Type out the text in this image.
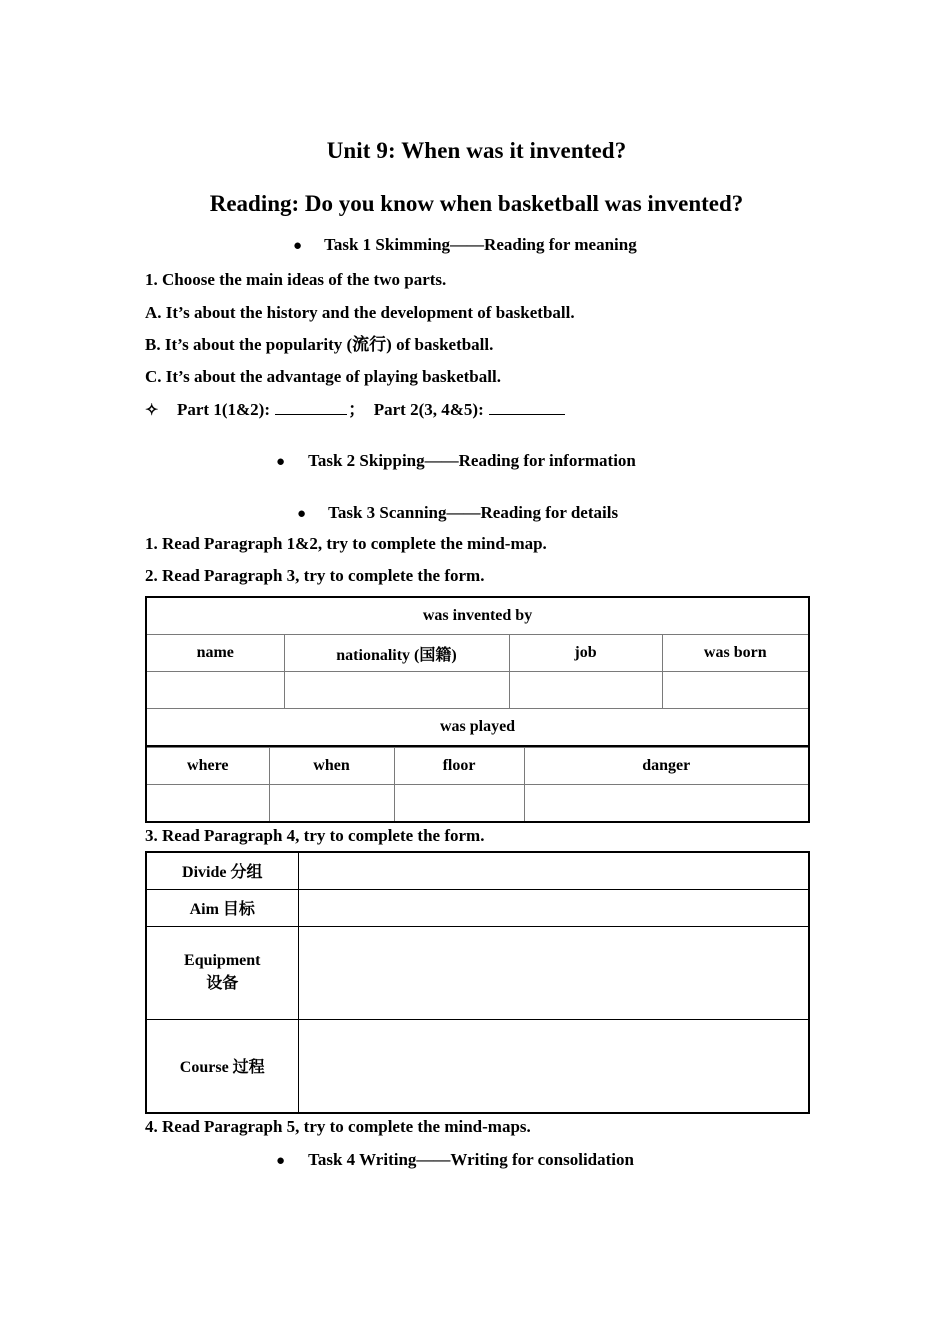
Unit 9: When was it invented?
Reading: Do you know when basketball was invented?
● Task 1 Skimming——Reading for meaning

1. Choose the main ideas of the two parts.

A. It’s about the history and the development of basketball.

B. It’s about the popularity (流行) of basketball.

C. It’s about the advantage of playing basketball.

✧	Part 1(1&2):	； Part 2(3, 4&5):
● Task 2 Skipping——Reading for information
● Task 3 Scanning——Reading for details

1. Read Paragraph 1&2, try to complete the mind-map.

2. Read Paragraph 3, try to complete the form.

was invented by			
name	nationality (国籍)	job	was born

was played			
where	when	floor	danger

3. Read Paragraph 4, try to complete the form.

Divide 分组	
Aim 目标	
Equipment 设备	
Course 过程	

4. Read Paragraph 5, try to complete the mind-maps.

● Task 4 Writing——Writing for consolidation
